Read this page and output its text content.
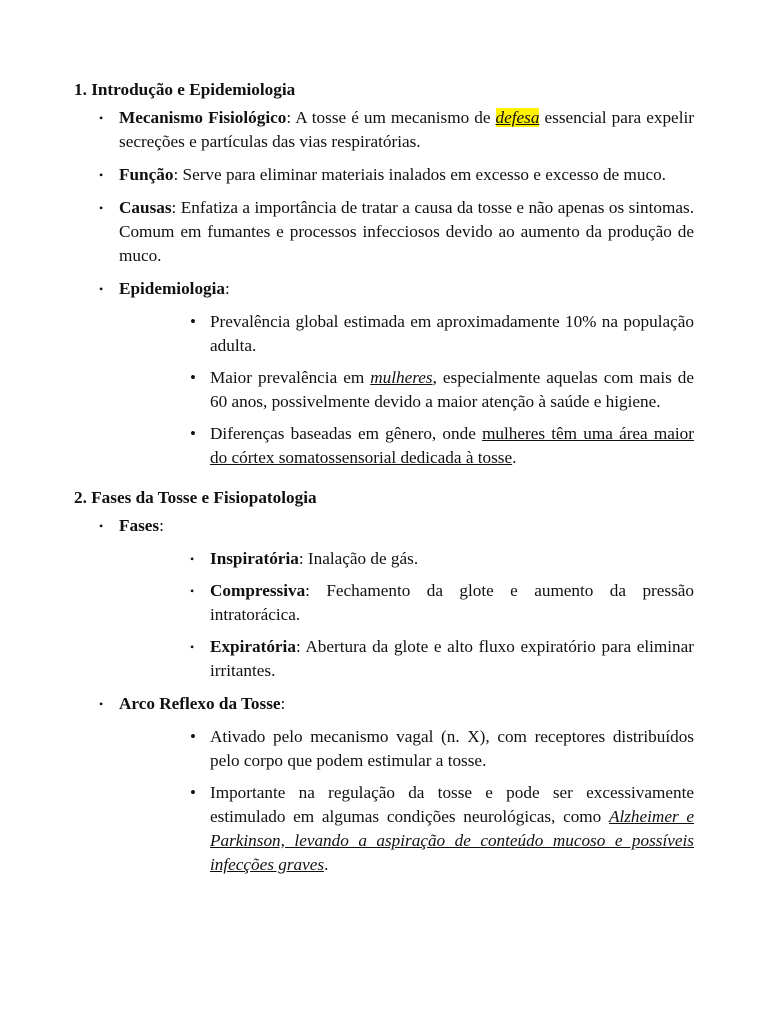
1. Introdução e Epidemiologia
• Mecanismo Fisiológico: A tosse é um mecanismo de defesa essencial para expelir secreções e partículas das vias respiratórias.
• Função: Serve para eliminar materiais inalados em excesso e excesso de muco.
• Causas: Enfatiza a importância de tratar a causa da tosse e não apenas os sintomas. Comum em fumantes e processos infecciosos devido ao aumento da produção de muco.
• Epidemiologia:
• Prevalência global estimada em aproximadamente 10% na população adulta.
• Maior prevalência em mulheres, especialmente aquelas com mais de 60 anos, possivelmente devido a maior atenção à saúde e higiene.
• Diferenças baseadas em gênero, onde mulheres têm uma área maior do córtex somatossensorial dedicada à tosse.
2. Fases da Tosse e Fisiopatologia
• Fases:
• Inspiratória: Inalação de gás.
• Compressiva: Fechamento da glote e aumento da pressão intratorácica.
• Expiratória: Abertura da glote e alto fluxo expiratório para eliminar irritantes.
• Arco Reflexo da Tosse:
• Ativado pelo mecanismo vagal (n. X), com receptores distribuídos pelo corpo que podem estimular a tosse.
• Importante na regulação da tosse e pode ser excessivamente estimulado em algumas condições neurológicas, como Alzheimer e Parkinson, levando a aspiração de conteúdo mucoso e possíveis infecções graves.
